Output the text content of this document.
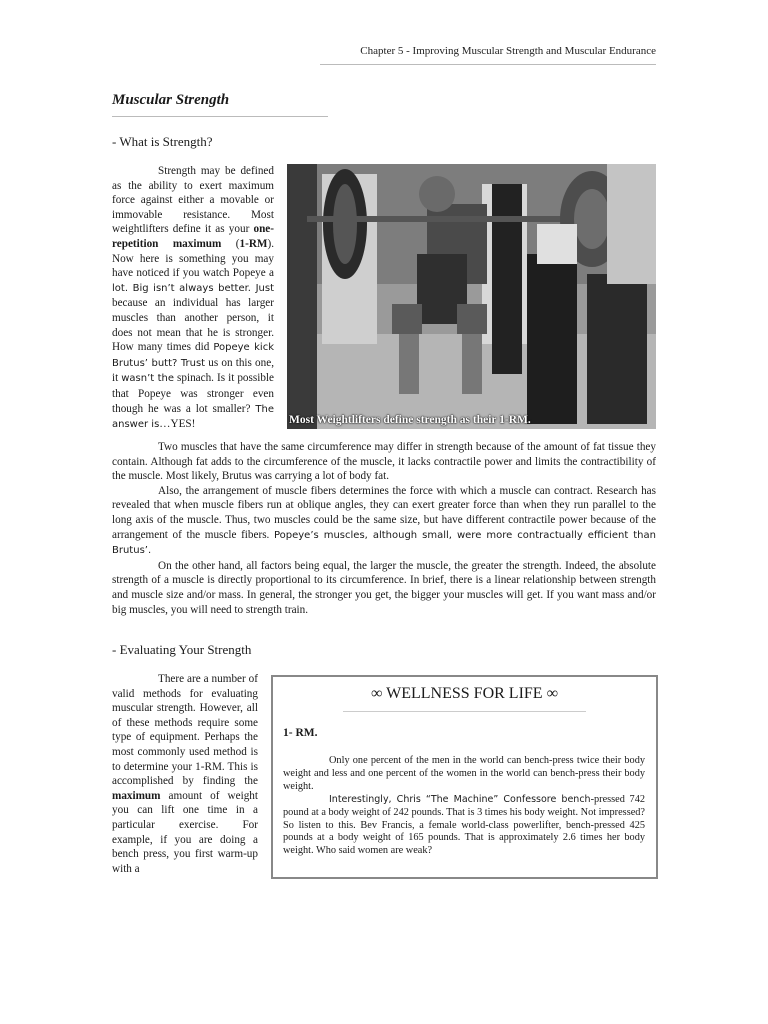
Chapter 5 - Improving Muscular Strength and Muscular Endurance
Muscular Strength
- What is Strength?

Strength may be defined as the ability to exert maximum force against either a movable or immovable resistance. Most weightlifters define it as your one-repetition maximum (1-RM). Now here is something you may have noticed if you watch Popeye a lot. Big isn’t always better. Just because an individual has larger muscles than another person, it does not mean that he is stronger. How many times did Popeye kick Brutus’ butt? Trust us on this one, it wasn’t the spinach. Is it possible that Popeye was stronger even though he was a lot smaller? The answer is…YES!	Most Weightlifters define strength as their 1-RM.

Two muscles that have the same circumference may differ in strength because of the amount of fat tissue they contain. Although fat adds to the circumference of the muscle, it lacks contractile power and limits the contractibility of the muscle. Most likely, Brutus was carrying a lot of body fat.

Also, the arrangement of muscle fibers determines the force with which a muscle can contract. Research has revealed that when muscle fibers run at oblique angles, they can exert greater force than when they run parallel to the long axis of the muscle. Thus, two muscles could be the same size, but have different contractile power because of the arrangement of the muscle fibers. Popeye’s muscles, although small, were more contractually efficient than Brutus’.

On the other hand, all factors being equal, the larger the muscle, the greater the strength. Indeed, the absolute strength of a muscle is directly proportional to its circumference. In brief, there is a linear relationship between strength and muscle size and/or mass. In general, the stronger you get, the bigger your muscles will get. If you want mass and/or big muscles, you will need to strength train.

- Evaluating Your Strength

There are a number of valid methods for evaluating muscular strength. However, all of these methods require some type of equipment. Perhaps the most commonly used method is to determine your 1-RM. This is accomplished by finding the maximum amount of weight you can lift one time in a particular exercise. For example, if you are doing a bench press, you first warm-up with a

∞ WELLNESS FOR LIFE ∞
1- RM.

Only one percent of the men in the world can bench-press twice their body weight and less and one percent of the women in the world can bench-press their body weight.

Interestingly, Chris “The Machine” Confessore bench-pressed 742 pound at a body weight of 242 pounds. That is 3 times his body weight. Not impressed? So listen to this. Bev Francis, a female world-class powerlifter, bench-pressed 425 pounds at a body weight of 165 pounds. That is approximately 2.6 times her body weight. Who said women are weak?
